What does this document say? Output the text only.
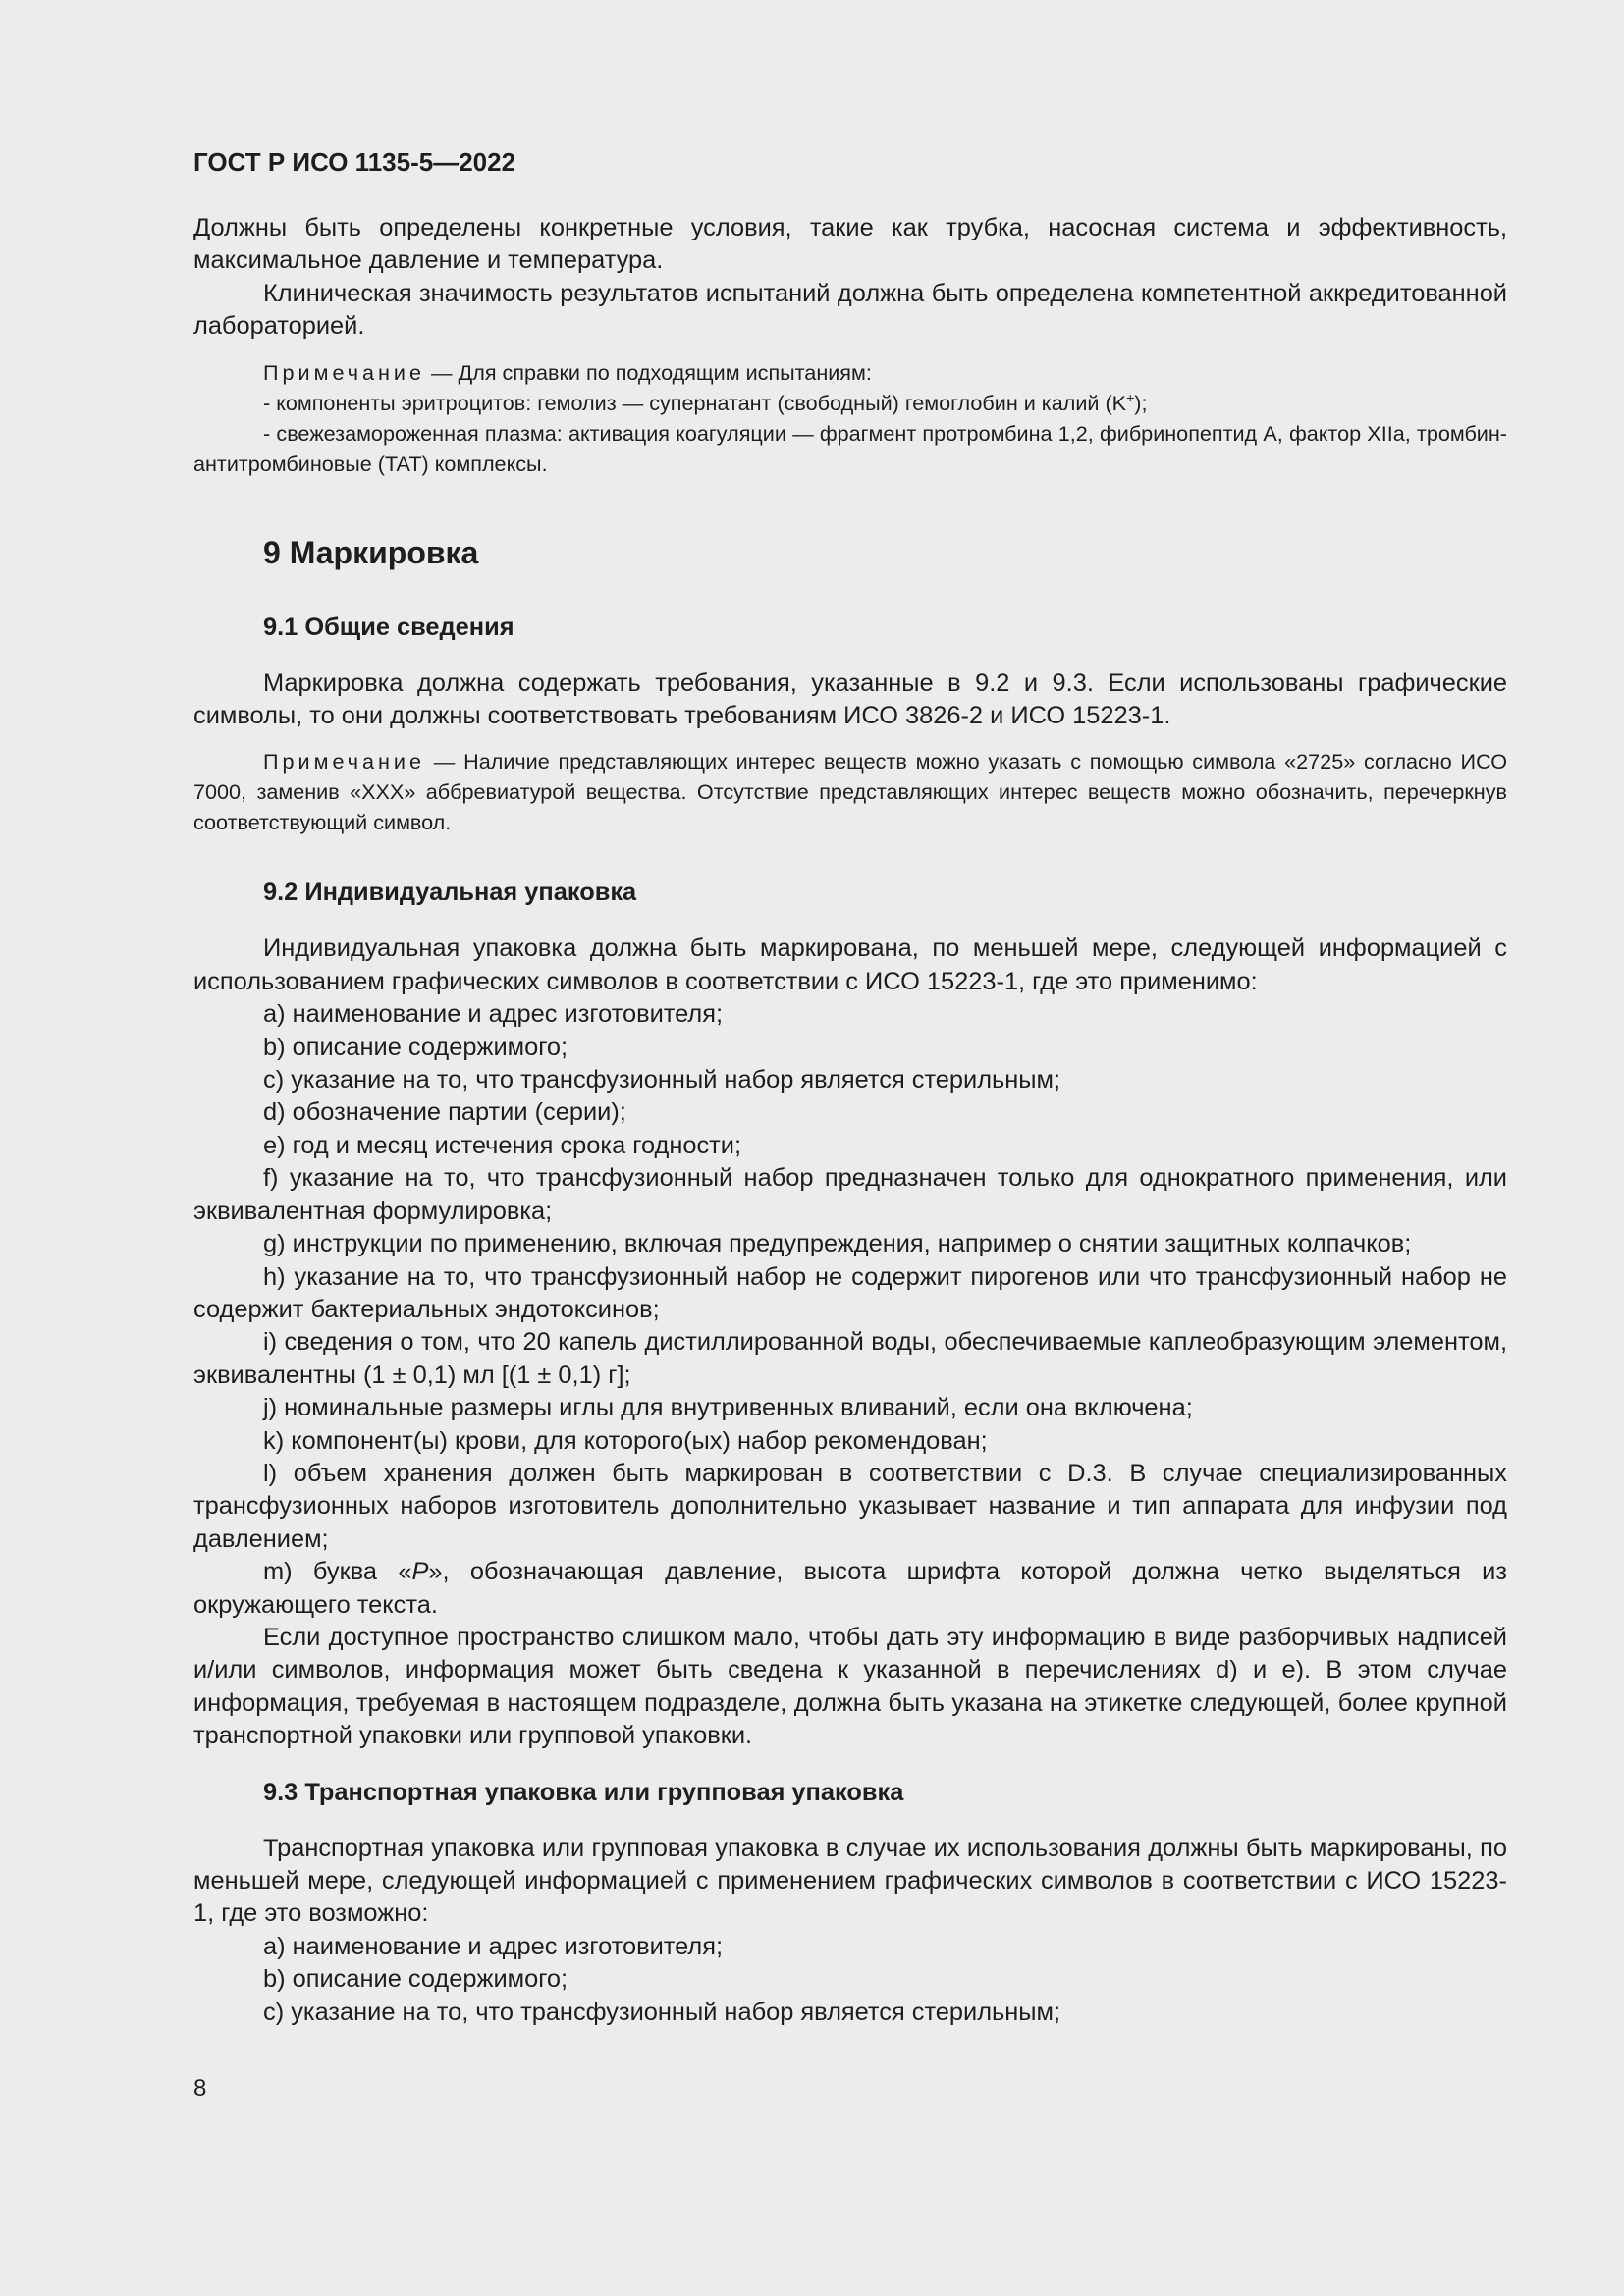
ГОСТ Р ИСО 1135-5—2022

Должны быть определены конкретные условия, такие как трубка, насосная система и эффективность, максимальное давление и температура.

Клиническая значимость результатов испытаний должна быть определена компетентной аккредитованной лабораторией.

Примечание — Для справки по подходящим испытаниям:

- компоненты эритроцитов: гемолиз — супернатант (свободный) гемоглобин и калий (K+);

- свежезамороженная плазма: активация коагуляции — фрагмент протромбина 1,2, фибринопептид А, фактор XIIa, тромбин-антитромбиновые (TAT) комплексы.

9 Маркировка
9.1 Общие сведения

Маркировка должна содержать требования, указанные в 9.2 и 9.3. Если использованы графические символы, то они должны соответствовать требованиям ИСО 3826-2 и ИСО 15223-1.

Примечание — Наличие представляющих интерес веществ можно указать с помощью символа «2725» согласно ИСО 7000, заменив «XXX» аббревиатурой вещества. Отсутствие представляющих интерес веществ можно обозначить, перечеркнув соответствующий символ.

9.2 Индивидуальная упаковка

Индивидуальная упаковка должна быть маркирована, по меньшей мере, следующей информацией с использованием графических символов в соответствии с ИСО 15223-1, где это применимо:

a) наименование и адрес изготовителя;

b) описание содержимого;

c) указание на то, что трансфузионный набор является стерильным;

d) обозначение партии (серии);

e) год и месяц истечения срока годности;

f) указание на то, что трансфузионный набор предназначен только для однократного применения, или эквивалентная формулировка;

g) инструкции по применению, включая предупреждения, например о снятии защитных колпачков;

h) указание на то, что трансфузионный набор не содержит пирогенов или что трансфузионный набор не содержит бактериальных эндотоксинов;

i) сведения о том, что 20 капель дистиллированной воды, обеспечиваемые каплеобразующим элементом, эквивалентны (1 ± 0,1) мл [(1 ± 0,1) г];

j) номинальные размеры иглы для внутривенных вливаний, если она включена;

k) компонент(ы) крови, для которого(ых) набор рекомендован;

l) объем хранения должен быть маркирован в соответствии с D.3. В случае специализированных трансфузионных наборов изготовитель дополнительно указывает название и тип аппарата для инфузии под давлением;

m) буква «P», обозначающая давление, высота шрифта которой должна четко выделяться из окружающего текста.

Если доступное пространство слишком мало, чтобы дать эту информацию в виде разборчивых надписей и/или символов, информация может быть сведена к указанной в перечислениях d) и e). В этом случае информация, требуемая в настоящем подразделе, должна быть указана на этикетке следующей, более крупной транспортной упаковки или групповой упаковки.

9.3 Транспортная упаковка или групповая упаковка

Транспортная упаковка или групповая упаковка в случае их использования должны быть маркированы, по меньшей мере, следующей информацией с применением графических символов в соответствии с ИСО 15223-1, где это возможно:

a) наименование и адрес изготовителя;

b) описание содержимого;

c) указание на то, что трансфузионный набор является стерильным;

8
